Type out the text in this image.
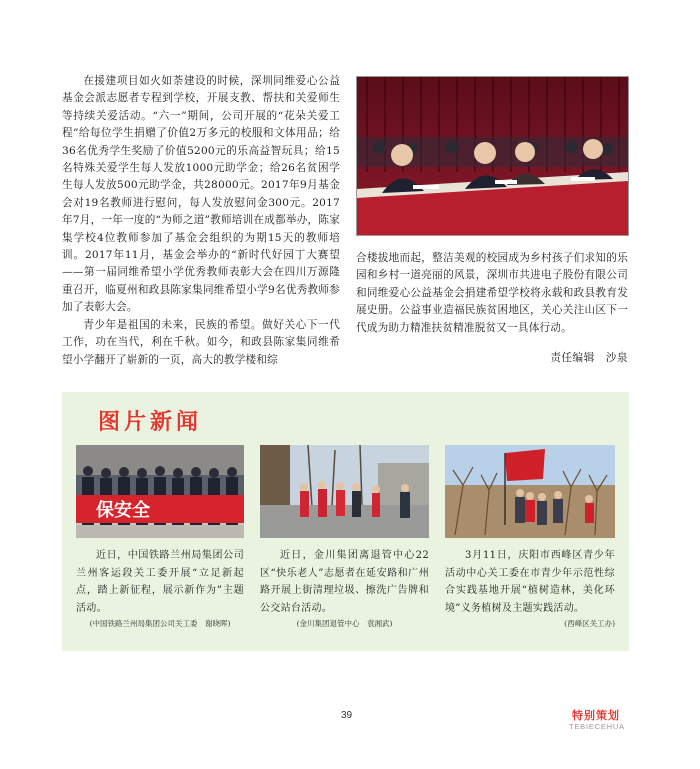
在援建项目如火如荼建设的时候，深圳同维爱心公益基金会派志愿者专程到学校，开展支教、帮扶和关爱师生等持续关爱活动。“六一”期间，公司开展的“花朵关爱工程”给每位学生捐赠了价值2万多元的校服和文体用品；给36名优秀学生奖励了价值5200元的乐高益智玩具；给15名特殊关爱学生每人发放1000元助学金；给26名贫困学生每人发放500元助学金，共28000元。2017年9月基金会对19名教师进行慰问，每人发放慰问金300元。2017年7月，一年一度的“为师之道”教师培训在成都举办，陈家集学校4位教师参加了基金会组织的为期15天的教师培训。2017年11月，基金会举办的“新时代好园丁大赛望——第一届同维希望小学优秀教师表彰大会在四川万源隆重召开，临夏州和政县陈家集同维希望小学9名优秀教师参加了表彰大会。

青少年是祖国的未来，民族的希望。做好关心下一代工作，功在当代，利在千秋。如今，和政县陈家集同维希望小学翻开了崭新的一页，高大的教学楼和综

合楼拔地而起，整洁美观的校园成为乡村孩子们求知的乐园和乡村一道亮丽的风景，深圳市共进电子股份有限公司和同维爱心公益基金会捐建希望学校将永载和政县教育发展史册。公益事业造福民族贫困地区，关心关注山区下一代成为助力精准扶贫精准脱贫又一具体行动。

责任编辑　沙泉
图片新闻
保安全

近日，中国铁路兰州局集团公司兰州客运段关工委开展“立足新起点，踏上新征程，展示新作为”主题活动。

(中国铁路兰州局集团公司关工委　谢晓晖)

近日，金川集团离退管中心22区“快乐老人”志愿者在延安路和广州路开展上街清理垃圾、擦洗广告牌和公交站台活动。

(金川集团退管中心　袁湘武)

3月11日，庆阳市西峰区青少年活动中心关工委在市青少年示范性综合实践基地开展“植树造林，美化环境”义务植树及主题实践活动。

(西峰区关工办)
39	特别策划
TEBIECEHUA
